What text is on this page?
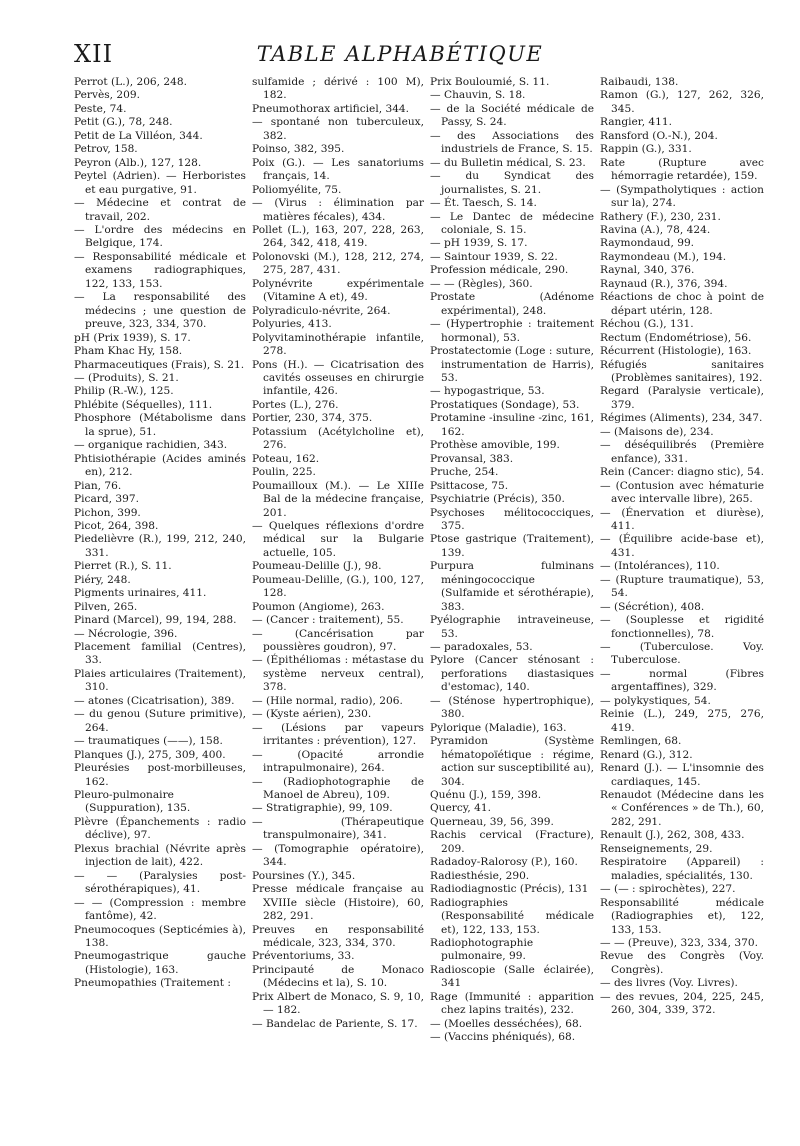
XII	TABLE ALPHABÉTIQUE
Perrot (L.), 206, 248.
Pervès, 209.
Peste, 74.
Petit (G.), 78, 248.
Petit de La Villéon, 344.
Petrov, 158.
Peyron (Alb.), 127, 128.
Peytel (Adrien). — Herboristes et eau purgative, 91.
— Médecine et contrat de travail, 202.
— L'ordre des médecins en Belgique, 174.
— Responsabilité médicale et examens radiographiques, 122, 133, 153.
— La responsabilité des médecins ; une question de preuve, 323, 334, 370.
pH (Prix 1939), S. 17.
Pham Khac Hy, 158.
Pharmaceutiques (Frais), S. 21.
— (Produits), S. 21.
Philip (R.-W.), 125.
Phlébite (Séquelles), 111.
Phosphore (Métabolisme dans la sprue), 51.
— organique rachidien, 343.
Phtisiothérapie (Acides aminés en), 212.
Pian, 76.
Picard, 397.
Pichon, 399.
Picot, 264, 398.
Piedelièvre (R.), 199, 212, 240, 331.
Pierret (R.), S. 11.
Piéry, 248.
Pigments urinaires, 411.
Pilven, 265.
Pinard (Marcel), 99, 194, 288.
— Nécrologie, 396.
Placement familial (Centres), 33.
Plaies articulaires (Traitement), 310.
— atones (Cicatrisation), 389.
— du genou (Suture primitive), 264.
— traumatiques (——), 158.
Planques (J.), 275, 309, 400.
Pleurésies post-morbilleuses, 162.
Pleuro-pulmonaire (Suppuration), 135.
Plèvre (Épanchements : radio déclive), 97.
Plexus brachial (Névrite après injection de lait), 422.
— — (Paralysies post-sérothérapiques), 41.
— — (Compression : membre fantôme), 42.
Pneumocoques (Septicémies à), 138.
Pneumogastrique gauche (Histologie), 163.
Pneumopathies (Traitement :
sulfamide ; dérivé : 100 M), 182.
Pneumothorax artificiel, 344.
— spontané non tuberculeux, 382.
Poinso, 382, 395.
Poix (G.). — Les sanatoriums français, 14.
Poliomyélite, 75.
— (Virus : élimination par matières fécales), 434.
Pollet (L.), 163, 207, 228, 263, 264, 342, 418, 419.
Polonovski (M.), 128, 212, 274, 275, 287, 431.
Polynévrite expérimentale (Vitamine A et), 49.
Polyradiculo-névrite, 264.
Polyuries, 413.
Polyvitaminothérapie infantile, 278.
Pons (H.). — Cicatrisation des cavités osseuses en chirurgie infantile, 426.
Portes (L.), 276.
Portier, 230, 374, 375.
Potassium (Acétylcholine et), 276.
Poteau, 162.
Poulin, 225.
Poumailloux (M.). — Le XIIIe Bal de la médecine française, 201.
— Quelques réflexions d'ordre médical sur la Bulgarie actuelle, 105.
Poumeau-Delille (J.), 98.
Poumeau-Delille, (G.), 100, 127, 128.
Poumon (Angiome), 263.
— (Cancer : traitement), 55.
— (Cancérisation par poussières goudron), 97.
— (Épithéliomas : métastase du système nerveux central), 378.
— (Hile normal, radio), 206.
— (Kyste aérien), 230.
— (Lésions par vapeurs irritantes : prévention), 127.
— (Opacité arrondie intrapulmonaire), 264.
— (Radiophotographie de Manoel de Abreu), 109.
— Stratigraphie), 99, 109.
— (Thérapeutique transpulmonaire), 341.
— (Tomographie opératoire), 344.
Poursines (Y.), 345.
Presse médicale française au XVIIIe siècle (Histoire), 60, 282, 291.
Preuves en responsabilité médicale, 323, 334, 370.
Préventoriums, 33.
Principauté de Monaco (Médecins et la), S. 10.
Prix Albert de Monaco, S. 9, 10, — 182.
— Bandelac de Pariente, S. 17.
Prix Bouloumié, S. 11.
— Chauvin, S. 18.
— de la Société médicale de Passy, S. 24.
— des Associations des industriels de France, S. 15.
— du Bulletin médical, S. 23.
— du Syndicat des journalistes, S. 21.
— Ét. Taesch, S. 14.
— Le Dantec de médecine coloniale, S. 15.
— pH 1939, S. 17.
— Saintour 1939, S. 22.
Profession médicale, 290.
— — (Règles), 360.
Prostate (Adénome expérimental), 248.
— (Hypertrophie : traitement hormonal), 53.
Prostatectomie (Loge : suture, instrumentation de Harris), 53.
— hypogastrique, 53.
Prostatiques (Sondage), 53.
Protamine -insuline -zinc, 161, 162.
Prothèse amovible, 199.
Provansal, 383.
Pruche, 254.
Psittacose, 75.
Psychiatrie (Précis), 350.
Psychoses mélitococciques, 375.
Ptose gastrique (Traitement), 139.
Purpura fulminans méningococcique (Sulfamide et sérothérapie), 383.
Pyélographie intraveineuse, 53.
— paradoxales, 53.
Pylore (Cancer sténosant : perforations diastasiques d'estomac), 140.
— (Sténose hypertrophique), 380.
Pylorique (Maladie), 163.
Pyramidon (Système hématopoïétique : régime, action sur susceptibilité au), 304.
Quénu (J.), 159, 398.
Quercy, 41.
Querneau, 39, 56, 399.
Rachis cervical (Fracture), 209.
Radadoy-Ralorosy (P.), 160.
Radiesthésie, 290.
Radiodiagnostic (Précis), 131
Radiographies (Responsabilité médicale et), 122, 133, 153.
Radiophotographie pulmonaire, 99.
Radioscopie (Salle éclairée), 341
Rage (Immunité : apparition chez lapins traités), 232.
— (Moelles desséchées), 68.
— (Vaccins phéniqués), 68.
Raibaudi, 138.
Ramon (G.), 127, 262, 326, 345.
Rangier, 411.
Ransford (O.-N.), 204.
Rappin (G.), 331.
Rate (Rupture avec hémorragie retardée), 159.
— (Sympatholytiques : action sur la), 274.
Rathery (F.), 230, 231.
Ravina (A.), 78, 424.
Raymondaud, 99.
Raymondeau (M.), 194.
Raynal, 340, 376.
Raynaud (R.), 376, 394.
Réactions de choc à point de départ utérin, 128.
Réchou (G.), 131.
Rectum (Endométriose), 56.
Récurrent (Histologie), 163.
Réfugiés sanitaires (Problèmes sanitaires), 192.
Regard (Paralysie verticale), 379.
Régimes (Aliments), 234, 347.
— (Maisons de), 234.
— déséquilibrés (Première enfance), 331.
Rein (Cancer: diagno stic), 54.
— (Contusion avec hématurie avec intervalle libre), 265.
— (Énervation et diurèse), 411.
— (Équilibre acide-base et), 431.
— (Intolérances), 110.
— (Rupture traumatique), 53, 54.
— (Sécrétion), 408.
— (Souplesse et rigidité fonctionnelles), 78.
— (Tuberculose. Voy. Tuberculose.
— normal (Fibres argentaffines), 329.
— polykystiques, 54.
Reinie (L.), 249, 275, 276, 419.
Remlingen, 68.
Renard (G.), 312.
Renard (J.). — L'insomnie des cardiaques, 145.
Renaudot (Médecine dans les « Conférences » de Th.), 60, 282, 291.
Renault (J.), 262, 308, 433.
Renseignements, 29.
Respiratoire (Appareil) : maladies, spécialités, 130.
— (— : spirochètes), 227.
Responsabilité médicale (Radiographies et), 122, 133, 153.
— — (Preuve), 323, 334, 370.
Revue des Congrès (Voy. Congrès).
— des livres (Voy. Livres).
— des revues, 204, 225, 245, 260, 304, 339, 372.
